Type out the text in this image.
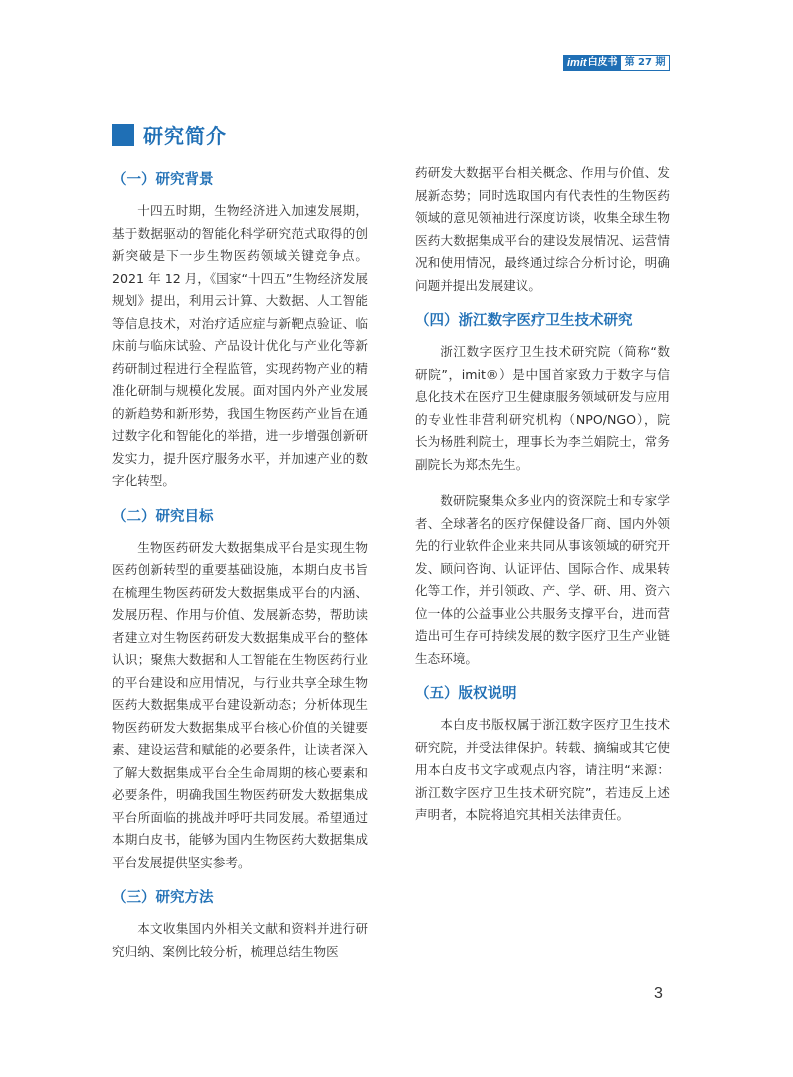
imit 白皮书 第 27 期
研究简介
（一）研究背景

十四五时期，生物经济进入加速发展期，基于数据驱动的智能化科学研究范式取得的创新突破是下一步生物医药领域关键竞争点。2021 年 12 月，《国家“十四五”生物经济发展规划》提出，利用云计算、大数据、人工智能等信息技术，对治疗适应症与新靶点验证、临床前与临床试验、产品设计优化与产业化等新药研制过程进行全程监管，实现药物产业的精准化研制与规模化发展。面对国内外产业发展的新趋势和新形势，我国生物医药产业旨在通过数字化和智能化的举措，进一步增强创新研发实力，提升医疗服务水平，并加速产业的数字化转型。

（二）研究目标

生物医药研发大数据集成平台是实现生物医药创新转型的重要基础设施，本期白皮书旨在梳理生物医药研发大数据集成平台的内涵、发展历程、作用与价值、发展新态势，帮助读者建立对生物医药研发大数据集成平台的整体认识；聚焦大数据和人工智能在生物医药行业的平台建设和应用情况，与行业共享全球生物医药大数据集成平台建设新动态；分析体现生物医药研发大数据集成平台核心价值的关键要素、建设运营和赋能的必要条件，让读者深入了解大数据集成平台全生命周期的核心要素和必要条件，明确我国生物医药研发大数据集成平台所面临的挑战并呼吁共同发展。希望通过本期白皮书，能够为国内生物医药大数据集成平台发展提供坚实参考。

（三）研究方法

本文收集国内外相关文献和资料并进行研究归纳、案例比较分析，梳理总结生物医

药研发大数据平台相关概念、作用与价值、发展新态势；同时选取国内有代表性的生物医药领域的意见领袖进行深度访谈，收集全球生物医药大数据集成平台的建设发展情况、运营情况和使用情况，最终通过综合分析讨论，明确问题并提出发展建议。

（四）浙江数字医疗卫生技术研究

浙江数字医疗卫生技术研究院（简称“数研院”，imit®）是中国首家致力于数字与信息化技术在医疗卫生健康服务领域研发与应用的专业性非营利研究机构（NPO/NGO），院长为杨胜利院士，理事长为李兰娟院士，常务副院长为郑杰先生。

数研院聚集众多业内的资深院士和专家学者、全球著名的医疗保健设备厂商、国内外领先的行业软件企业来共同从事该领域的研究开发、顾问咨询、认证评估、国际合作、成果转化等工作，并引领政、产、学、研、用、资六位一体的公益事业公共服务支撑平台，进而营造出可生存可持续发展的数字医疗卫生产业链生态环境。

（五）版权说明

本白皮书版权属于浙江数字医疗卫生技术研究院，并受法律保护。转载、摘编或其它使用本白皮书文字或观点内容，请注明“来源：浙江数字医疗卫生技术研究院”，若违反上述声明者，本院将追究其相关法律责任。

3
